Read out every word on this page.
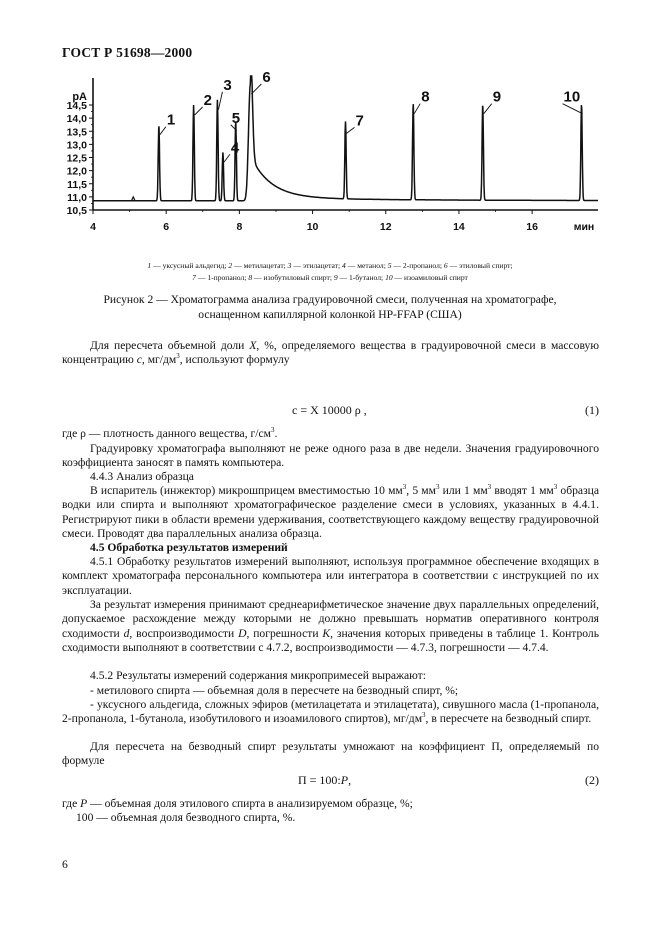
ГОСТ Р 51698—2000
10,5
11,0
11,5
12,0
12,5
13,0
13,5
14,0
14,5
pA
4	6	8	10	12	14	16	мин
1
2
3
4
5
6
7
8	9	10
1 — уксусный альдегид; 2 — метилацетат; 3 — этилацетат; 4 — метанол; 5 — 2-пропанол; 6 — этиловый спирт;
7 — 1-пропанол; 8 — изобутиловый спирт; 9 — 1-бутанол; 10 — изоамиловый спирт
Рисунок 2 — Хроматограмма анализа градуировочной смеси, полученная на хроматографе,
оснащенном капиллярной колонкой HP-FFAP (США)
Для пересчета объемной доли X, %, определяемого вещества в градуировочной смеси в массовую концентрацию c, $мг/дм^3$, используют формулу
c = X 10000 ρ ,	(1)
где ρ — плотность данного вещества, $г/см^3$.
Градуировку хроматографа выполняют не реже одного раза в две недели. Значения градуировочного коэффициента заносят в память компьютера.
4.4.3 Анализ образца
В испаритель (инжектор) микрошприцем вместимостью 10 $мм^3$, 5 $мм^3$ или 1 $мм^3$ вводят 1 $мм^3$ образца водки или спирта и выполняют хроматографическое разделение смеси в условиях, указанных в 4.4.1. Регистрируют пики в области времени удерживания, соответствующего каждому веществу градуировочной смеси. Проводят два параллельных анализа образца.
4.5 Обработка результатов измерений
4.5.1 Обработку результатов измерений выполняют, используя программное обеспечение входящих в комплект хроматографа персонального компьютера или интегратора в соответствии с инструкцией по их эксплуатации.
За результат измерения принимают среднеарифметическое значение двух параллельных определений, допускаемое расхождение между которыми не должно превышать норматив оперативного контроля сходимости d, воспроизводимости D, погрешности K, значения которых приведены в таблице 1. Контроль сходимости выполняют в соответствии с 4.7.2, воспроизводимости — 4.7.3, погрешности — 4.7.4.
4.5.2 Результаты измерений содержания микропримесей выражают:
- метилового спирта — объемная доля в пересчете на безводный спирт, %;
- уксусного альдегида, сложных эфиров (метилацетата и этилацетата), сивушного масла (1-пропанола, 2-пропанола, 1-бутанола, изобутилового и изоамилового спиртов), $мг/дм^3$, в пересчете на безводный спирт.
Для пересчета на безводный спирт результаты умножают на коэффициент П, определяемый по формуле
П = 100:P,	(2)
где P — объемная доля этилового спирта в анализируемом образце, %;
100 — объемная доля безводного спирта, %.
6
